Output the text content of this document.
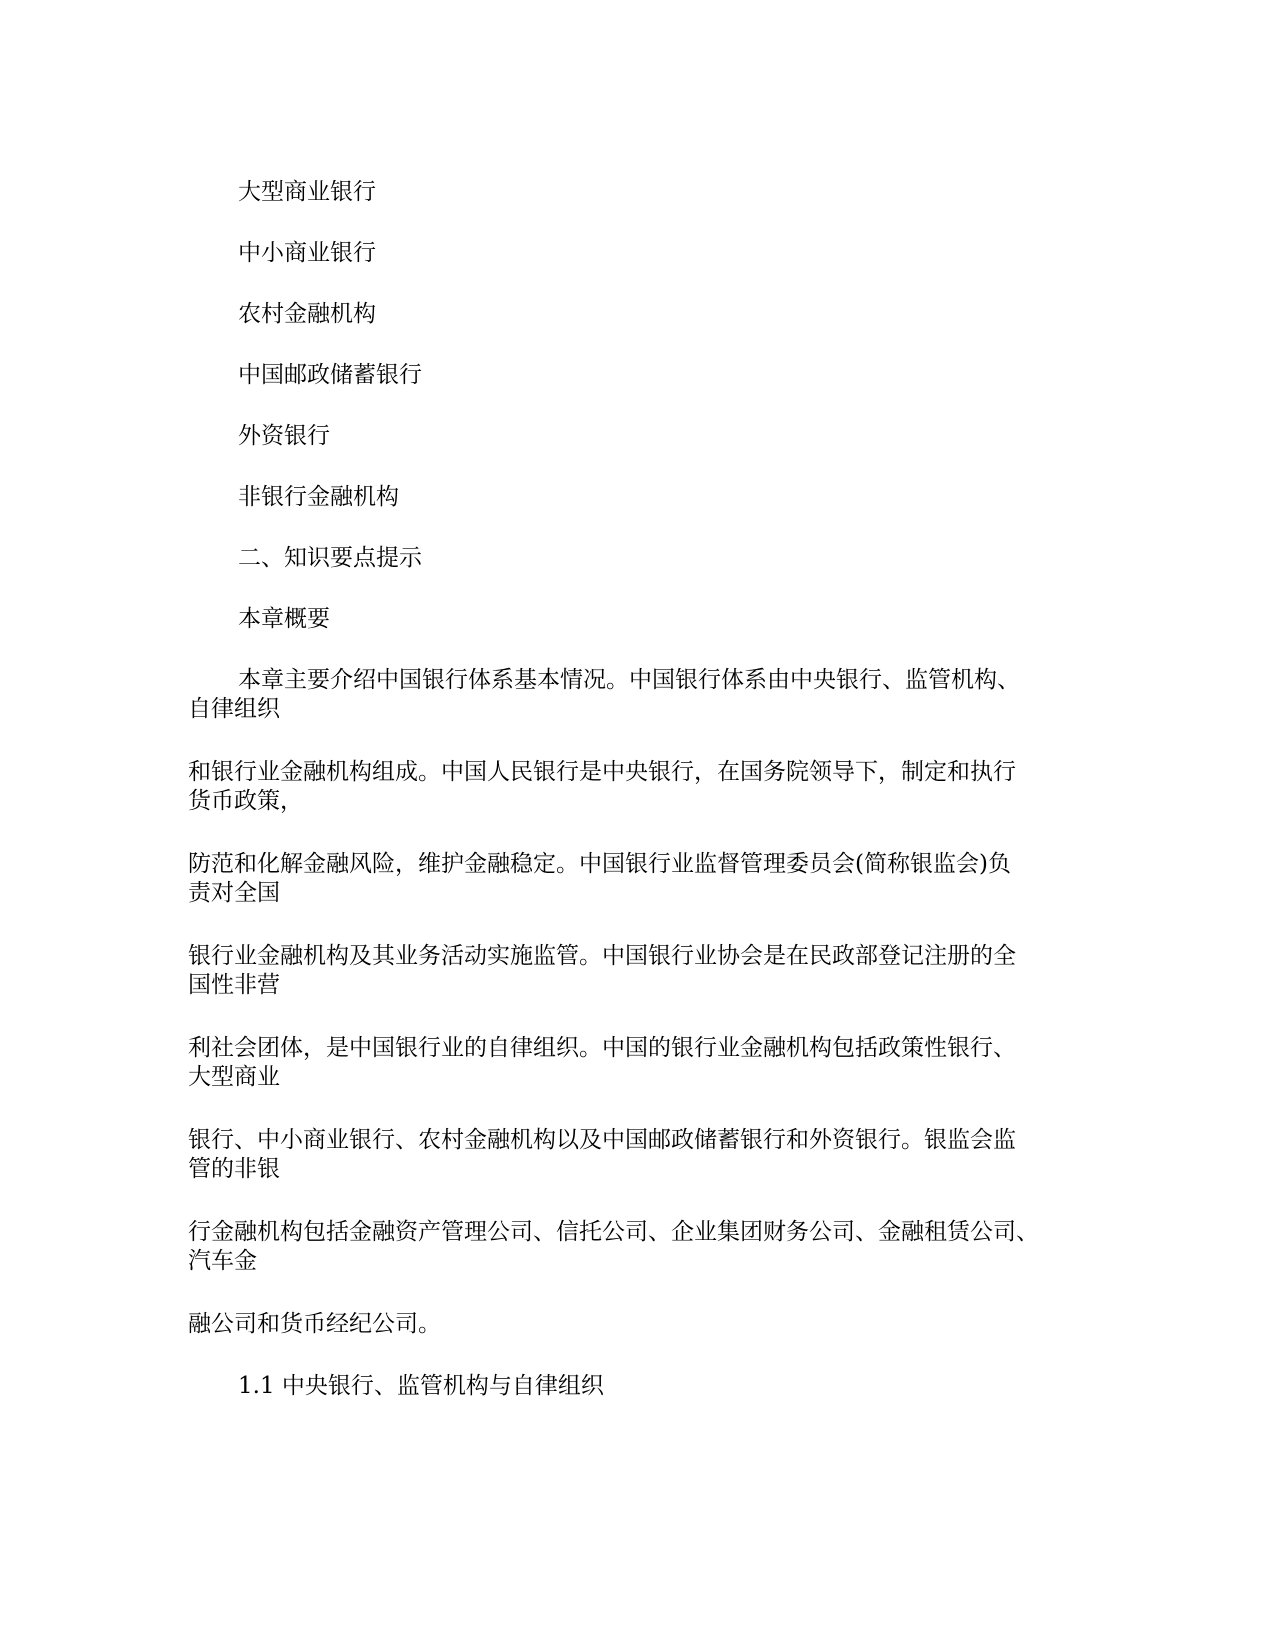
大型商业银行
中小商业银行
农村金融机构
中国邮政储蓄银行
外资银行
非银行金融机构
二、知识要点提示
本章概要
本章主要介绍中国银行体系基本情况。中国银行体系由中央银行、监管机构、
自律组织
和银行业金融机构组成。中国人民银行是中央银行，在国务院领导下，制定和执行
货币政策，
防范和化解金融风险，维护金融稳定。中国银行业监督管理委员会(简称银监会)负
责对全国
银行业金融机构及其业务活动实施监管。中国银行业协会是在民政部登记注册的全
国性非营
利社会团体，是中国银行业的自律组织。中国的银行业金融机构包括政策性银行、
大型商业
银行、中小商业银行、农村金融机构以及中国邮政储蓄银行和外资银行。银监会监
管的非银
行金融机构包括金融资产管理公司、信托公司、企业集团财务公司、金融租赁公司、
汽车金
融公司和货币经纪公司。
1.1 中央银行、监管机构与自律组织
